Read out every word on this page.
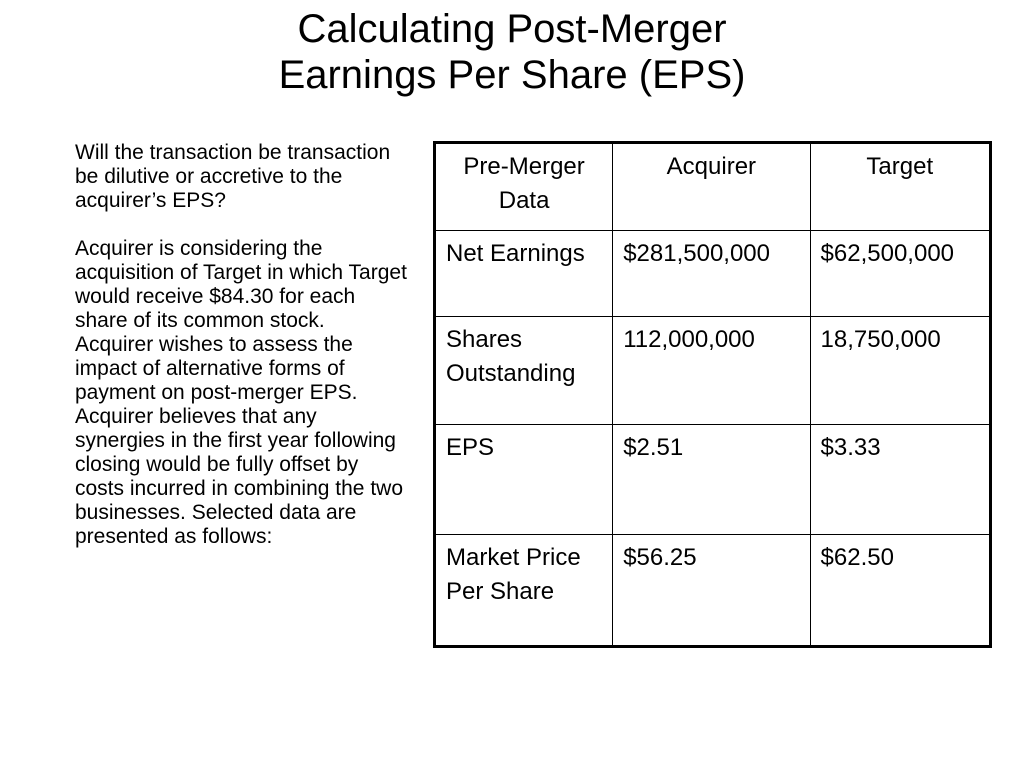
Calculating Post-Merger
Earnings Per Share (EPS)

Will the transaction be transaction be dilutive or accretive to the acquirer’s EPS?

Acquirer is considering the acquisition of Target in which Target would receive $84.30 for each share of its common stock. Acquirer wishes to assess the impact of alternative forms of payment on post-merger EPS. Acquirer believes that any synergies in the first year following closing would be fully offset by costs incurred in combining the two businesses. Selected data are presented as follows:

Pre-Merger Data	Acquirer	Target
Net Earnings	$281,500,000	$62,500,000
Shares Outstanding	112,000,000	18,750,000
EPS	$2.51	$3.33
Market Price Per Share	$56.25	$62.50
